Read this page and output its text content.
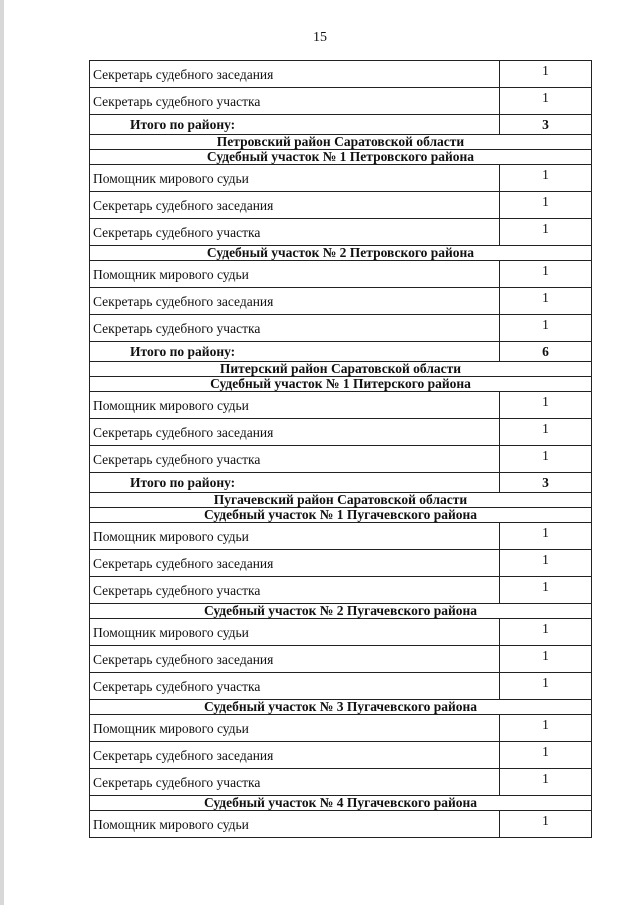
15
Секретарь судебного заседания	1
Секретарь судебного участка	1
Итого по району:	3
Петровский район Саратовской области	
Судебный участок № 1 Петровского района	
Помощник мирового судьи	1
Секретарь судебного заседания	1
Секретарь судебного участка	1
Судебный участок № 2 Петровского района	
Помощник мирового судьи	1
Секретарь судебного заседания	1
Секретарь судебного участка	1
Итого по району:	6
Питерский район Саратовской области	
Судебный участок № 1 Питерского района	
Помощник мирового судьи	1
Секретарь судебного заседания	1
Секретарь судебного участка	1
Итого по району:	3
Пугачевский район Саратовской области	
Судебный участок № 1 Пугачевского района	
Помощник мирового судьи	1
Секретарь судебного заседания	1
Секретарь судебного участка	1
Судебный участок № 2 Пугачевского района	
Помощник мирового судьи	1
Секретарь судебного заседания	1
Секретарь судебного участка	1
Судебный участок № 3 Пугачевского района	
Помощник мирового судьи	1
Секретарь судебного заседания	1
Секретарь судебного участка	1
Судебный участок № 4 Пугачевского района	
Помощник мирового судьи	1
